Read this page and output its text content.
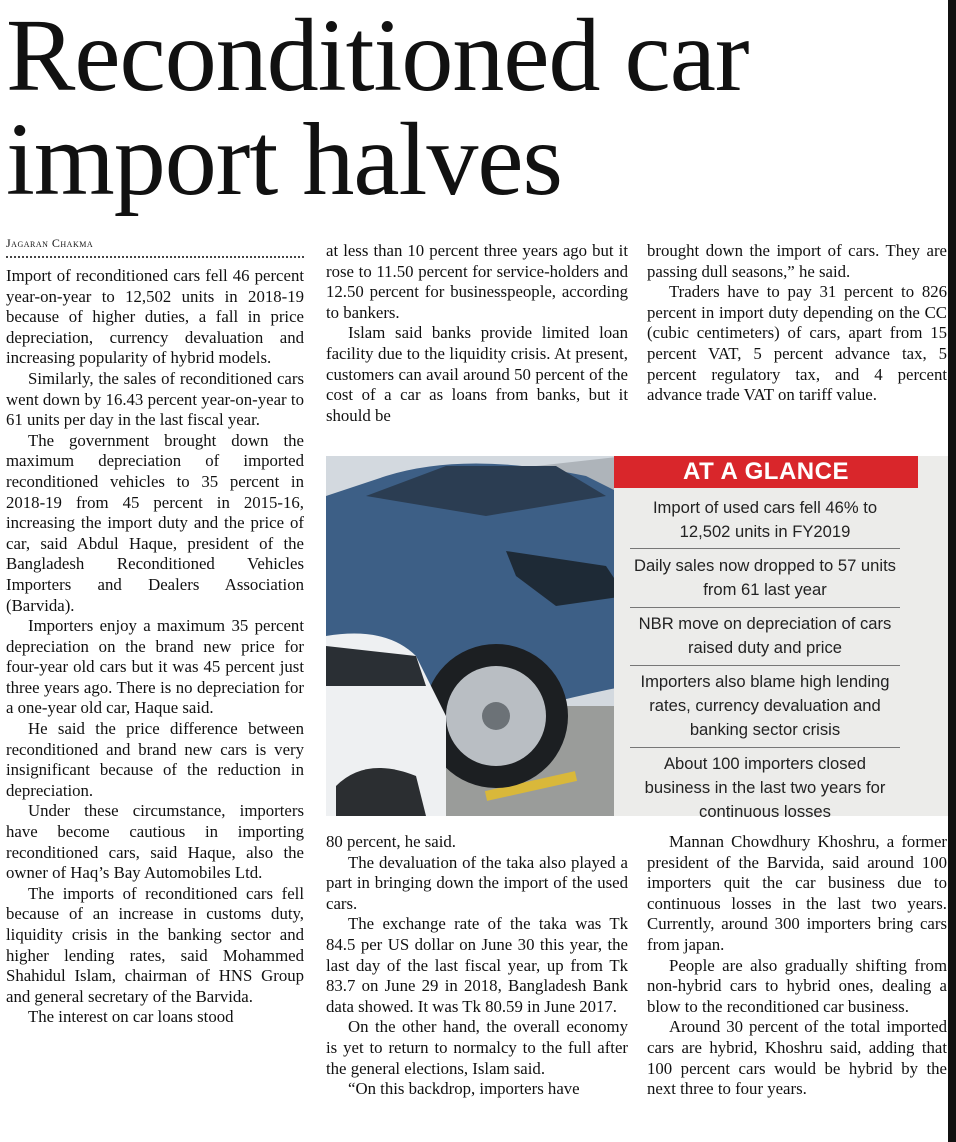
Reconditioned car
import halves
Jagaran Chakma

Import of reconditioned cars fell 46 percent year-on-year to 12,502 units in 2018-19 because of higher duties, a fall in price depreciation, currency devaluation and increasing popularity of hybrid models.

Similarly, the sales of reconditioned cars went down by 16.43 percent year-on-year to 61 units per day in the last fiscal year.

The government brought down the maximum depreciation of imported reconditioned vehicles to 35 percent in 2018-19 from 45 percent in 2015-16, increasing the import duty and the price of car, said Abdul Haque, president of the Bangladesh Reconditioned Vehicles Importers and Dealers Association (Barvida).

Importers enjoy a maximum 35 percent depreciation on the brand new price for four-year old cars but it was 45 percent just three years ago. There is no depreciation for a one-year old car, Haque said.

He said the price difference between reconditioned and brand new cars is very insignificant because of the reduction in depreciation.

Under these circumstance, importers have become cautious in importing reconditioned cars, said Haque, also the owner of Haq’s Bay Automobiles Ltd.

The imports of reconditioned cars fell because of an increase in customs duty, liquidity crisis in the banking sector and higher lending rates, said Mohammed Shahidul Islam, chairman of HNS Group and general secretary of the Barvida.

The interest on car loans stood

at less than 10 percent three years ago but it rose to 11.50 percent for service-holders and 12.50 percent for businesspeople, according to bankers.

Islam said banks provide limited loan facility due to the liquidity crisis. At present, customers can avail around 50 percent of the cost of a car as loans from banks, but it should be

brought down the import of cars. They are passing dull seasons,” he said.

Traders have to pay 31 percent to 826 percent in import duty depending on the CC (cubic centimeters) of cars, apart from 15 percent VAT, 5 percent advance tax, 5 percent regulatory tax, and 4 percent advance trade VAT on tariff value.

AT A GLANCE
Import of used cars fell 46% to 12,502 units in FY2019
Daily sales now dropped to 57 units from 61 last year
NBR move on depreciation of cars raised duty and price
Importers also blame high lending rates, currency devaluation and banking sector crisis
About 100 importers closed business in the last two years for continuous losses

80 percent, he said.

The devaluation of the taka also played a part in bringing down the import of the used cars.

The exchange rate of the taka was Tk 84.5 per US dollar on June 30 this year, the last day of the last fiscal year, up from Tk 83.7 on June 29 in 2018, Bangladesh Bank data showed. It was Tk 80.59 in June 2017.

On the other hand, the overall economy is yet to return to normalcy to the full after the general elections, Islam said.

“On this backdrop, importers have

Mannan Chowdhury Khoshru, a former president of the Barvida, said around 100 importers quit the car business due to continuous losses in the last two years. Currently, around 300 importers bring cars from japan.

People are also gradually shifting from non-hybrid cars to hybrid ones, dealing a blow to the reconditioned car business.

Around 30 percent of the total imported cars are hybrid, Khoshru said, adding that 100 percent cars would be hybrid by the next three to four years.
